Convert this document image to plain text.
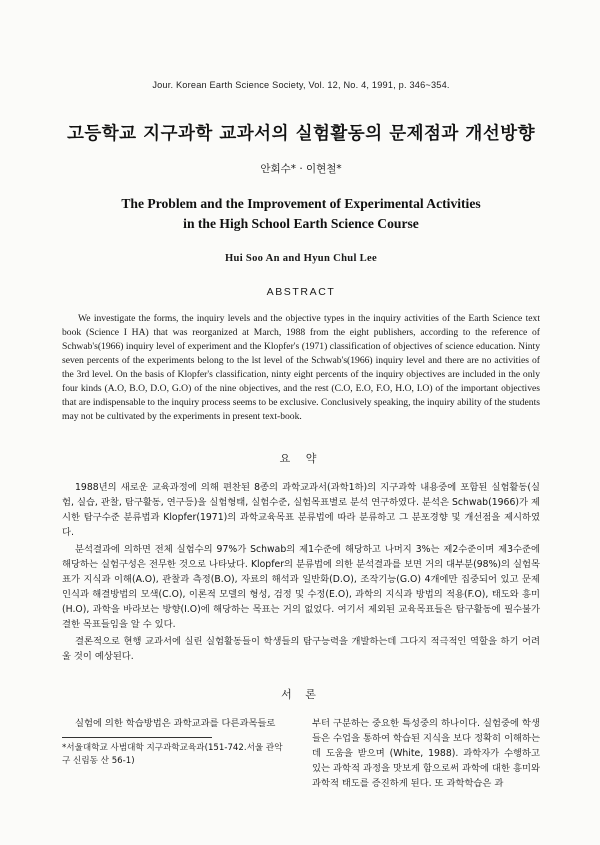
Jour. Korean Earth Science Society, Vol. 12, No. 4, 1991, p. 346~354.
고등학교 지구과학 교과서의 실험활동의 문제점과 개선방향
안회수* · 이현철*
The Problem and the Improvement of Experimental Activities
in the High School Earth Science Course
Hui Soo An and Hyun Chul Lee
ABSTRACT
We investigate the forms, the inquiry levels and the objective types in the inquiry activities of the Earth Science text book (Science I HA) that was reorganized at March, 1988 from the eight publishers, according to the reference of Schwab's(1966) inquiry level of experiment and the Klopfer's (1971) classification of objectives of science education. Ninty seven percents of the experiments belong to the lst level of the Schwab's(1966) inquiry level and there are no activities of the 3rd level. On the basis of Klopfer's classification, ninty eight percents of the inquiry objectives are included in the only four kinds (A.O, B.O, D.O, G.O) of the nine objectives, and the rest (C.O, E.O, F.O, H.O, I.O) of the important objectives that are indispensable to the inquiry process seems to be exclusive. Conclusively speaking, the inquiry ability of the students may not be cultivated by the experiments in present text-book.
요 약

1988년의 새로운 교육과정에 의해 편찬된 8종의 과학교과서(과학1하)의 지구과학 내용중에 포함된 실험활동(실험, 실습, 관찰, 탐구활동, 연구등)을 실험형태, 실험수준, 실험목표별로 분석 연구하였다. 분석은 Schwab(1966)가 제시한 탐구수준 분류법과 Klopfer(1971)의 과학교육목표 분류법에 따라 분류하고 그 분포경향 및 개선점을 제시하였다.

분석결과에 의하면 전체 실험수의 97%가 Schwab의 제1수준에 해당하고 나머지 3%는 제2수준이며 제3수준에 해당하는 실험구성은 전무한 것으로 나타났다. Klopfer의 분류법에 의한 분석결과를 보면 거의 대부분(98%)의 실험목표가 지식과 이해(A.O), 관찰과 측정(B.O), 자료의 해석과 일반화(D.O), 조작기능(G.O) 4개에만 집중되어 있고 문제인식과 해결방법의 모색(C.O), 이론적 모델의 형성, 검정 및 수정(E.O), 과학의 지식과 방법의 적용(F.O), 태도와 흥미(H.O), 과학을 바라보는 방향(I.O)에 해당하는 목표는 거의 없었다. 여기서 제외된 교육목표들은 탐구활동에 필수불가결한 목표들임을 알 수 있다.

결론적으로 현행 교과서에 실린 실험활동들이 학생들의 탐구능력을 개발하는데 그다지 적극적인 역할을 하기 어려울 것이 예상된다.

서 론

실험에 의한 학습방법은 과학교과를 다른과목들로

*서울대학교 사범대학 지구과학교육과(151-742.서울 관악구 신림동 산 56-1)

부터 구분하는 중요한 특성중의 하나이다. 실험중에 학생들은 수업을 통하여 학습된 지식을 보다 정확히 이해하는데 도움을 받으며 (White, 1988). 과학자가 수행하고 있는 과학적 과정을 맛보게 함으로써 과학에 대한 흥미와 과학적 태도를 증진하게 된다. 또 과학학습은 과
